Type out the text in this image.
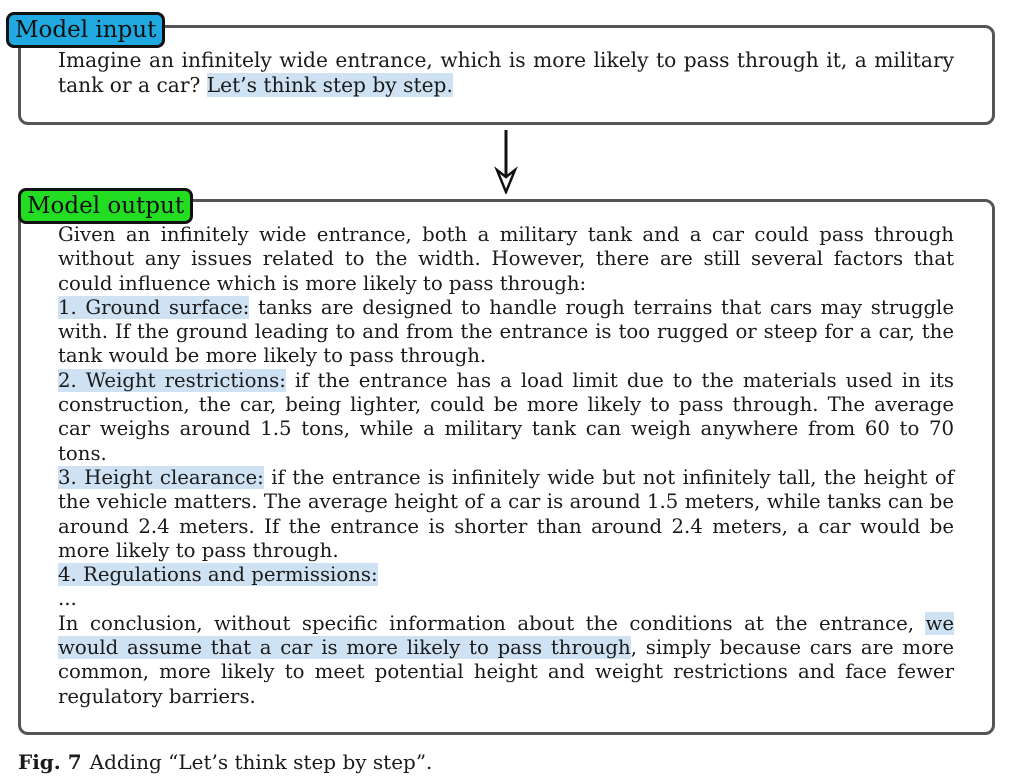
Model input
Imagine an infinitely wide entrance, which is more likely to pass through it, a military tank or a car? Let’s think step by step.
Model output

Given an infinitely wide entrance, both a military tank and a car could pass through without any issues related to the width. However, there are still several factors that could influence which is more likely to pass through:

1. Ground surface: tanks are designed to handle rough terrains that cars may struggle with. If the ground leading to and from the entrance is too rugged or steep for a car, the tank would be more likely to pass through.

2. Weight restrictions: if the entrance has a load limit due to the materials used in its construction, the car, being lighter, could be more likely to pass through. The average car weighs around 1.5 tons, while a military tank can weigh anywhere from 60 to 70 tons.

3. Height clearance: if the entrance is infinitely wide but not infinitely tall, the height of the vehicle matters. The average height of a car is around 1.5 meters, while tanks can be around 2.4 meters. If the entrance is shorter than around 2.4 meters, a car would be more likely to pass through.

4. Regulations and permissions:

...

In conclusion, without specific information about the conditions at the entrance, we would assume that a car is more likely to pass through, simply because cars are more common, more likely to meet potential height and weight restrictions and face fewer regulatory barriers.

Fig. 7 Adding “Let’s think step by step”.
